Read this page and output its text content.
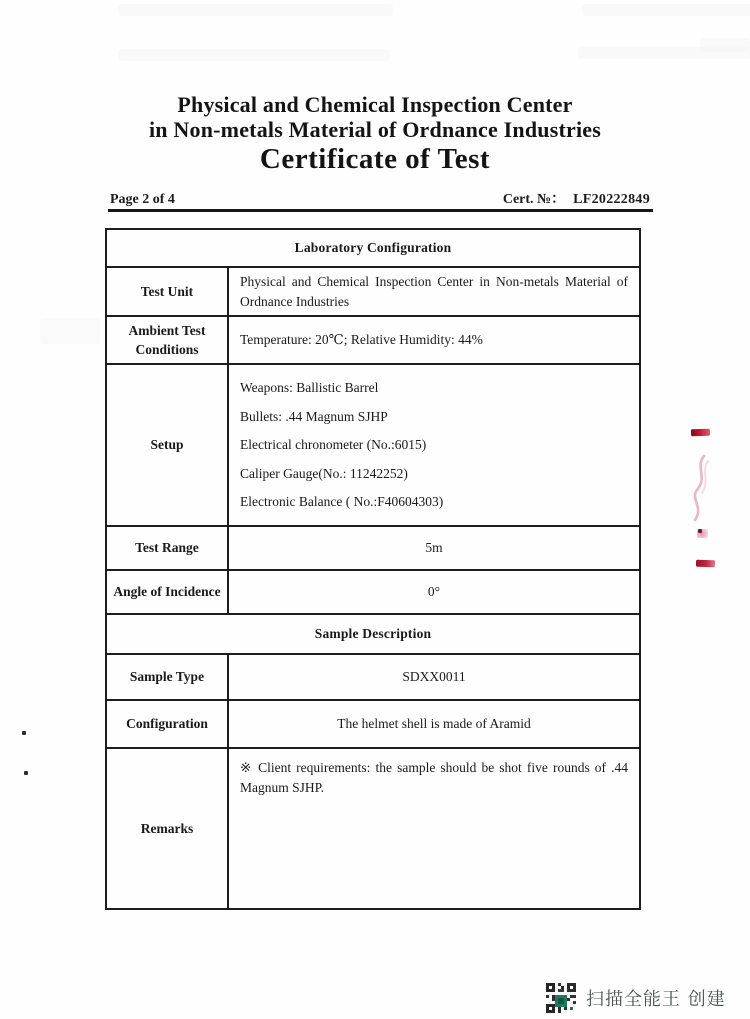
Physical and Chemical Inspection Center
in Non-metals Material of Ordnance Industries
Certificate of Test
Page 2 of 4	Cert. №： LF20222849
Laboratory Configuration	
Test Unit	Physical and Chemical Inspection Center in Non-metals Material of Ordnance Industries
Ambient Test Conditions	Temperature: 20℃; Relative Humidity: 44%
Setup	Weapons: Ballistic Barrel
Bullets: .44 Magnum SJHP
Electrical chronometer (No.:6015)
Caliper Gauge(No.: 11242252)
Electronic Balance ( No.:F40604303)

Test Range	5m
Angle of Incidence	0°
Sample Description	
Sample Type	SDXX0011
Configuration	The helmet shell is made of Aramid
Remarks	※ Client requirements: the sample should be shot five rounds of .44 Magnum SJHP.
扫描全能王 创建
